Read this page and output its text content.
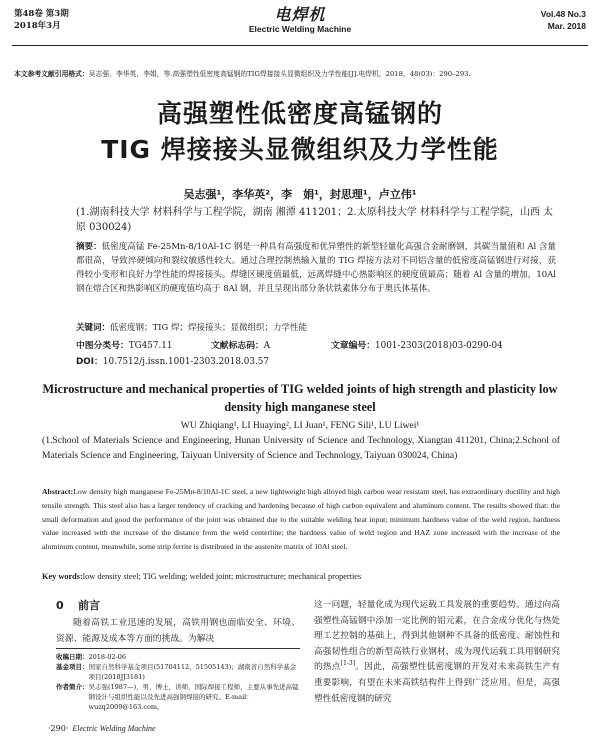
第48卷 第3期
2018年3月
电焊机
Electric Welding Machine
Vol.48 No.3
Mar. 2018
本文参考文献引用格式：吴志强，李华英，李娟，等.高强塑性低密度高锰钢的TIG焊接接头显微组织及力学性能[J].电焊机，2018，48(03)：290–293.
高强塑性低密度高锰钢的
TIG 焊接接头显微组织及力学性能
吴志强¹，李华英²，李　娟¹，封思理¹，卢立伟¹
(1.湖南科技大学 材料科学与工程学院，湖南 湘潭 411201；2.太原科技大学 材料科学与工程学院，山西 太原 030024)
摘要：低密度高锰 Fe-25Mn-8/10Al-1C 钢是一种具有高强度和优异塑性的新型轻量化高强合金耐磨钢，其碳当量值和 Al 含量都很高，导致淬硬倾向和裂纹敏感性较大。通过合理控制热输入量的 TIG 焊接方法对不同铝含量的低密度高锰钢进行对接，获得较小变形和良好力学性能的焊接接头。焊缝区硬度值最低，远离焊缝中心热影响区的硬度值最高；随着 Al 含量的增加，10Al 钢在熔合区和热影响区的硬度值均高于 8Al 钢，并且呈现出部分条状铁素体分布于奥氏体基体。
关键词：低密度钢；TIG 焊；焊接接头；显微组织；力学性能
中图分类号：TG457.11	文献标志码：A	文章编号：1001-2303(2018)03-0290-04
DOI：10.7512/j.issn.1001-2303.2018.03.57
Microstructure and mechanical properties of TIG welded joints of high strength and plasticity low density high manganese steel
WU Zhiqiang¹, LI Huaying², LI Juan¹, FENG Sili¹, LU Liwei¹
(1.School of Materials Science and Engineering, Hunan University of Science and Technology, Xiangtan 411201, China;2.School of Materials Science and Engineering, Taiyuan University of Science and Technology, Taiyuan 030024, China)
Abstract:Low density high manganese Fe-25Mn-8/10Al-1C steel, a new lightweight high alloyed high carbon wear resistant steel, has extraordinary ductility and high tensile strength. This steel also has a larger tendency of cracking and hardening because of high carbon equivalent and aluminum content. The results showed that: the small deformation and good the performance of the joint was obtained due to the suitable welding heat input; minimum hardness value of the weld region, hardness value increased with the increase of the distance from the weld centerline; the hardness value of weld region and HAZ zone increased with the increase of the aluminum content, meanwhile, some strip ferrite is distributed in the austenite matrix of 10Al steel.
Key words:low density steel; TIG welding; welded joint; microstructure; mechanical properties
0 前言
随着高铁工业迅速的发展，高铁用钢也面临安全、环境、资源、能源及成本等方面的挑战。为解决
收稿日期： 2018-02-06
基金项目： 国家自然科学基金项目(51704112，51505143)；湖南省自然科学基金项目(2018JJ3181)
作者简介： 吴志强(1987—)，男，博士，讲师，国际焊接工程师，主要从事先进高锰钢设计与组织性能以及先进高强钢焊接的研究。E-mail：wuzq2009@163.com。
这一问题，轻量化成为现代运载工具发展的重要趋势。通过向高强塑性高锰钢中添加一定比例的铝元素，在合金成分优化与热处理工艺控制的基础上，得到其他钢种不具备的低密度、耐蚀性和高强韧性组合的新型高铁行业钢材，成为现代运载工具用钢研究的热点[1-3]。因此，高强塑性低密度钢的开发对未来高铁生产有重要影响，有望在未来高铁结构件上得到广泛应用。但是，高强塑性低密度钢的研究
·290· Electric Welding Machine
